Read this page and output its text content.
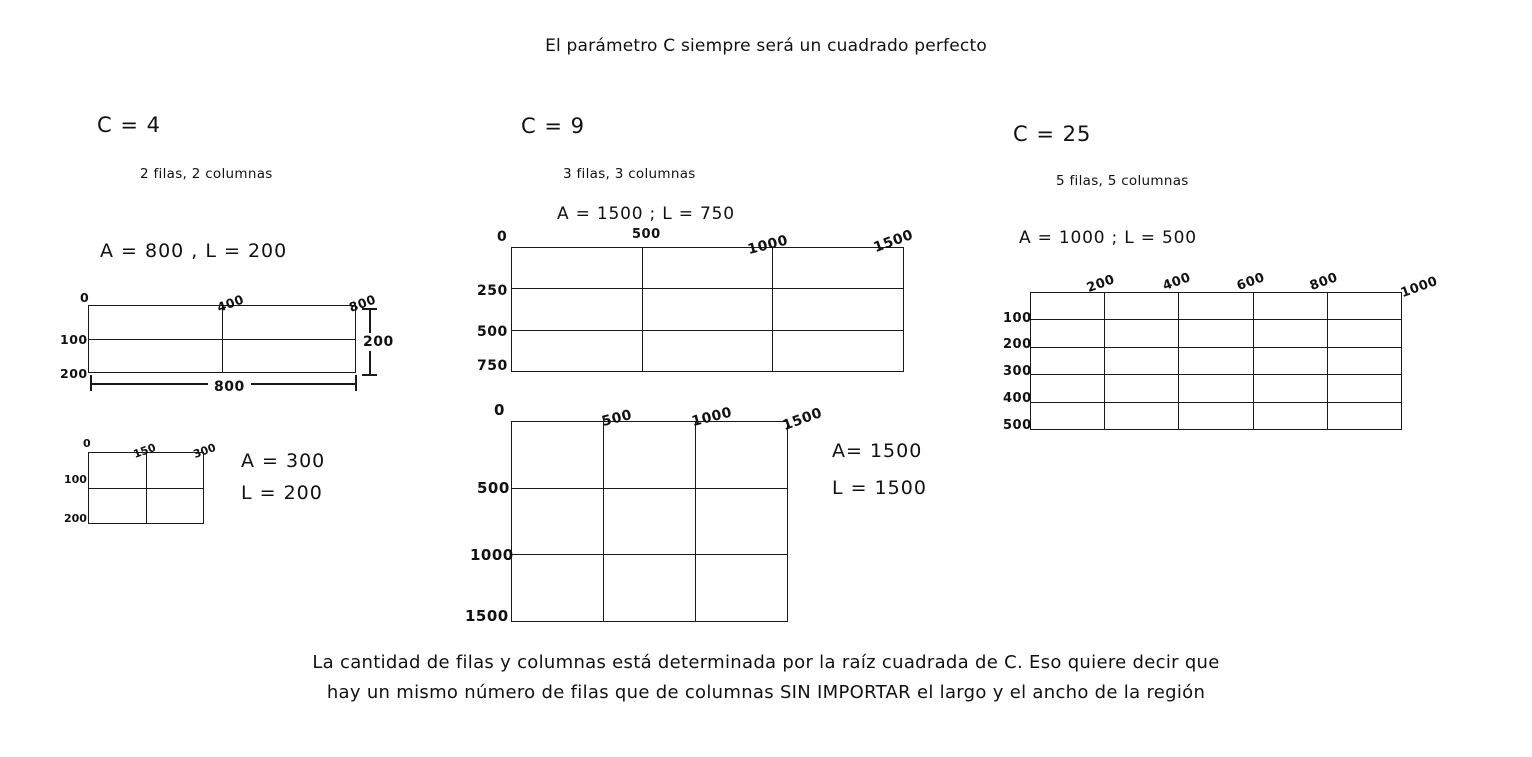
El parámetro C siempre será un cuadrado perfecto
C = 4
2 filas, 2 columnas
A = 800 , L = 200
0	400	800
100
200
800
200
0	150	300
100
200
A = 300
L = 200
C = 9
3 filas, 3 columnas
A = 1500 ; L = 750
0	500	1000	1500
250
500
750
0	500	1000	1500
500
1000
1500
A= 1500
L = 1500
C = 25
5 filas, 5 columnas
A = 1000 ; L = 500
200	400	600	800	1000
100
200
300
400
500
La cantidad de filas y columnas está determinada por la raíz cuadrada de C. Eso quiere decir que
hay un mismo número de filas que de columnas SIN IMPORTAR el largo y el ancho de la región
